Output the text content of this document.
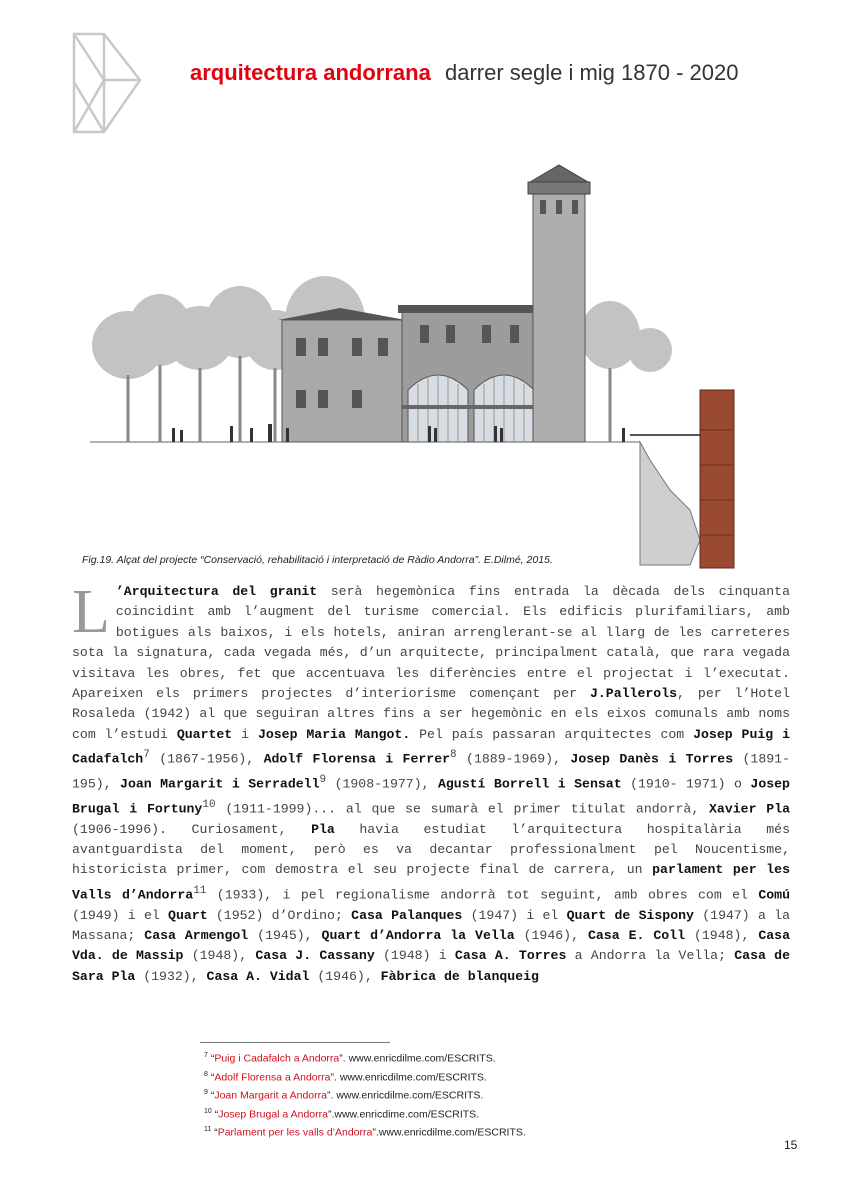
arquitectura andorrana darrer segle i mig 1870 - 2020
Fig.19. Alçat del projecte “Conservació, rehabilitació i interpretació de Ràdio Andorra”. E.Dilmé, 2015.
L ’Arquitectura del granit serà hegemònica fins entrada la dècada dels cinquanta coincidint amb l’augment del turisme comercial. Els edificis plurifamiliars, amb botigues als baixos, i els hotels, aniran arrenglerant-se al llarg de les carreteres sota la signatura, cada vegada més, d’un arquitecte, principalment català, que rara vegada visitava les obres, fet que accentuava les diferències entre el projectat i l’executat. Apareixen els primers projectes d’interiorisme començant per J.Pallerols, per l’Hotel Rosaleda (1942) al que seguiran altres fins a ser hegemònic en els eixos comunals amb noms com l’estudi Quartet i Josep Maria Mangot. Pel país passaran arquitectes com Josep Puig i Cadafalch$^7$ (1867-1956), Adolf Florensa i Ferrer$^8$ (1889-1969), Josep Danès i Torres (1891-195), Joan Margarit i Serradell$^9$ (1908-1977), Agustí Borrell i Sensat (1910- 1971) o Josep Brugal i Fortuny$^{10}$ (1911-1999)... al que se sumarà el primer titulat andorrà, Xavier Pla (1906-1996). Curiosament, Pla havia estudiat l’arquitectura hospitalària més avantguardista del moment, però es va decantar professionalment pel Noucentisme, historicista primer, com demostra el seu projecte final de carrera, un parlament per les Valls d’Andorra$^{11}$ (1933), i pel regionalisme andorrà tot seguint, amb obres com el Comú (1949) i el Quart (1952) d’Ordino; Casa Palanques (1947) i el Quart de Sispony (1947) a la Massana; Casa Armengol (1945), Quart d’Andorra la Vella (1946), Casa E. Coll (1948), Casa Vda. de Massip (1948), Casa J. Cassany (1948) i Casa A. Torres a Andorra la Vella; Casa de Sara Pla (1932), Casa A. Vidal (1946), Fàbrica de blanqueig
$^7$ “Puig i Cadafalch a Andorra”. www.enricdilme.com/ESCRITS.
$^8$ “Adolf Florensa a Andorra”. www.enricdilme.com/ESCRITS.
$^9$ “Joan Margarit a Andorra”. www.enricdilme.com/ESCRITS.
$^{10}$ “Josep Brugal a Andorra”.www.enricdime.com/ESCRITS.
$^{11}$ “Parlament per les valls d’Andorra”.www.enricdilme.com/ESCRITS.
15
